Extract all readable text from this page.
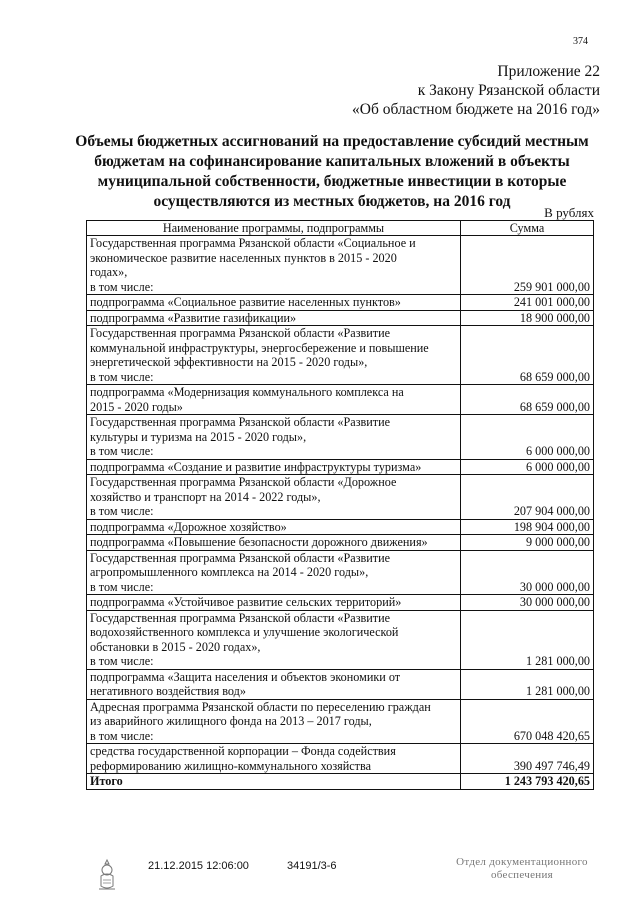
374
Приложение 22
к Закону Рязанской области
«Об областном бюджете на 2016 год»
Объемы бюджетных ассигнований на предоставление субсидий местным
бюджетам на софинансирование капитальных вложений в объекты
муниципальной собственности, бюджетные инвестиции в которые
осуществляются из местных бюджетов, на 2016 год
В рублях
Наименование программы, подпрограммы	Сумма

Государственная программа Рязанской области «Социальное и
экономическое развитие населенных пунктов в 2015 - 2020
годах»,
в том числе:	259 901 000,00

подпрограмма «Социальное развитие населенных пунктов»	241 001 000,00

подпрограмма «Развитие газификации»	18 900 000,00

Государственная программа Рязанской области «Развитие
коммунальной инфраструктуры, энергосбережение и повышение
энергетической эффективности на 2015 - 2020 годы»,
в том числе:	68 659 000,00

подпрограмма «Модернизация коммунального комплекса на
2015 - 2020 годы»	68 659 000,00

Государственная программа Рязанской области «Развитие
культуры и туризма на 2015 - 2020 годы»,
в том числе:	6 000 000,00

подпрограмма «Создание и развитие инфраструктуры туризма»	6 000 000,00

Государственная программа Рязанской области «Дорожное
хозяйство и транспорт на 2014 - 2022 годы»,
в том числе:	207 904 000,00

подпрограмма «Дорожное хозяйство»	198 904 000,00

подпрограмма «Повышение безопасности дорожного движения»	9 000 000,00

Государственная программа Рязанской области «Развитие
агропромышленного комплекса на 2014 - 2020 годы»,
в том числе:	30 000 000,00

подпрограмма «Устойчивое развитие сельских территорий»	30 000 000,00

Государственная программа Рязанской области «Развитие
водохозяйственного комплекса и улучшение экологической
обстановки в 2015 - 2020 годах»,
в том числе:	1 281 000,00

подпрограмма «Защита населения и объектов экономики от
негативного воздействия вод»	1 281 000,00

Адресная программа Рязанской области по переселению граждан
из аварийного жилищного фонда на 2013 – 2017 годы,
в том числе:	670 048 420,65

средства государственной корпорации – Фонда содействия
реформированию жилищно-коммунального хозяйства	390 497 746,49
Итого	1 243 793 420,65
21.12.2015 12:06:00	34191/3-6	Отдел документационного
обеспечения
